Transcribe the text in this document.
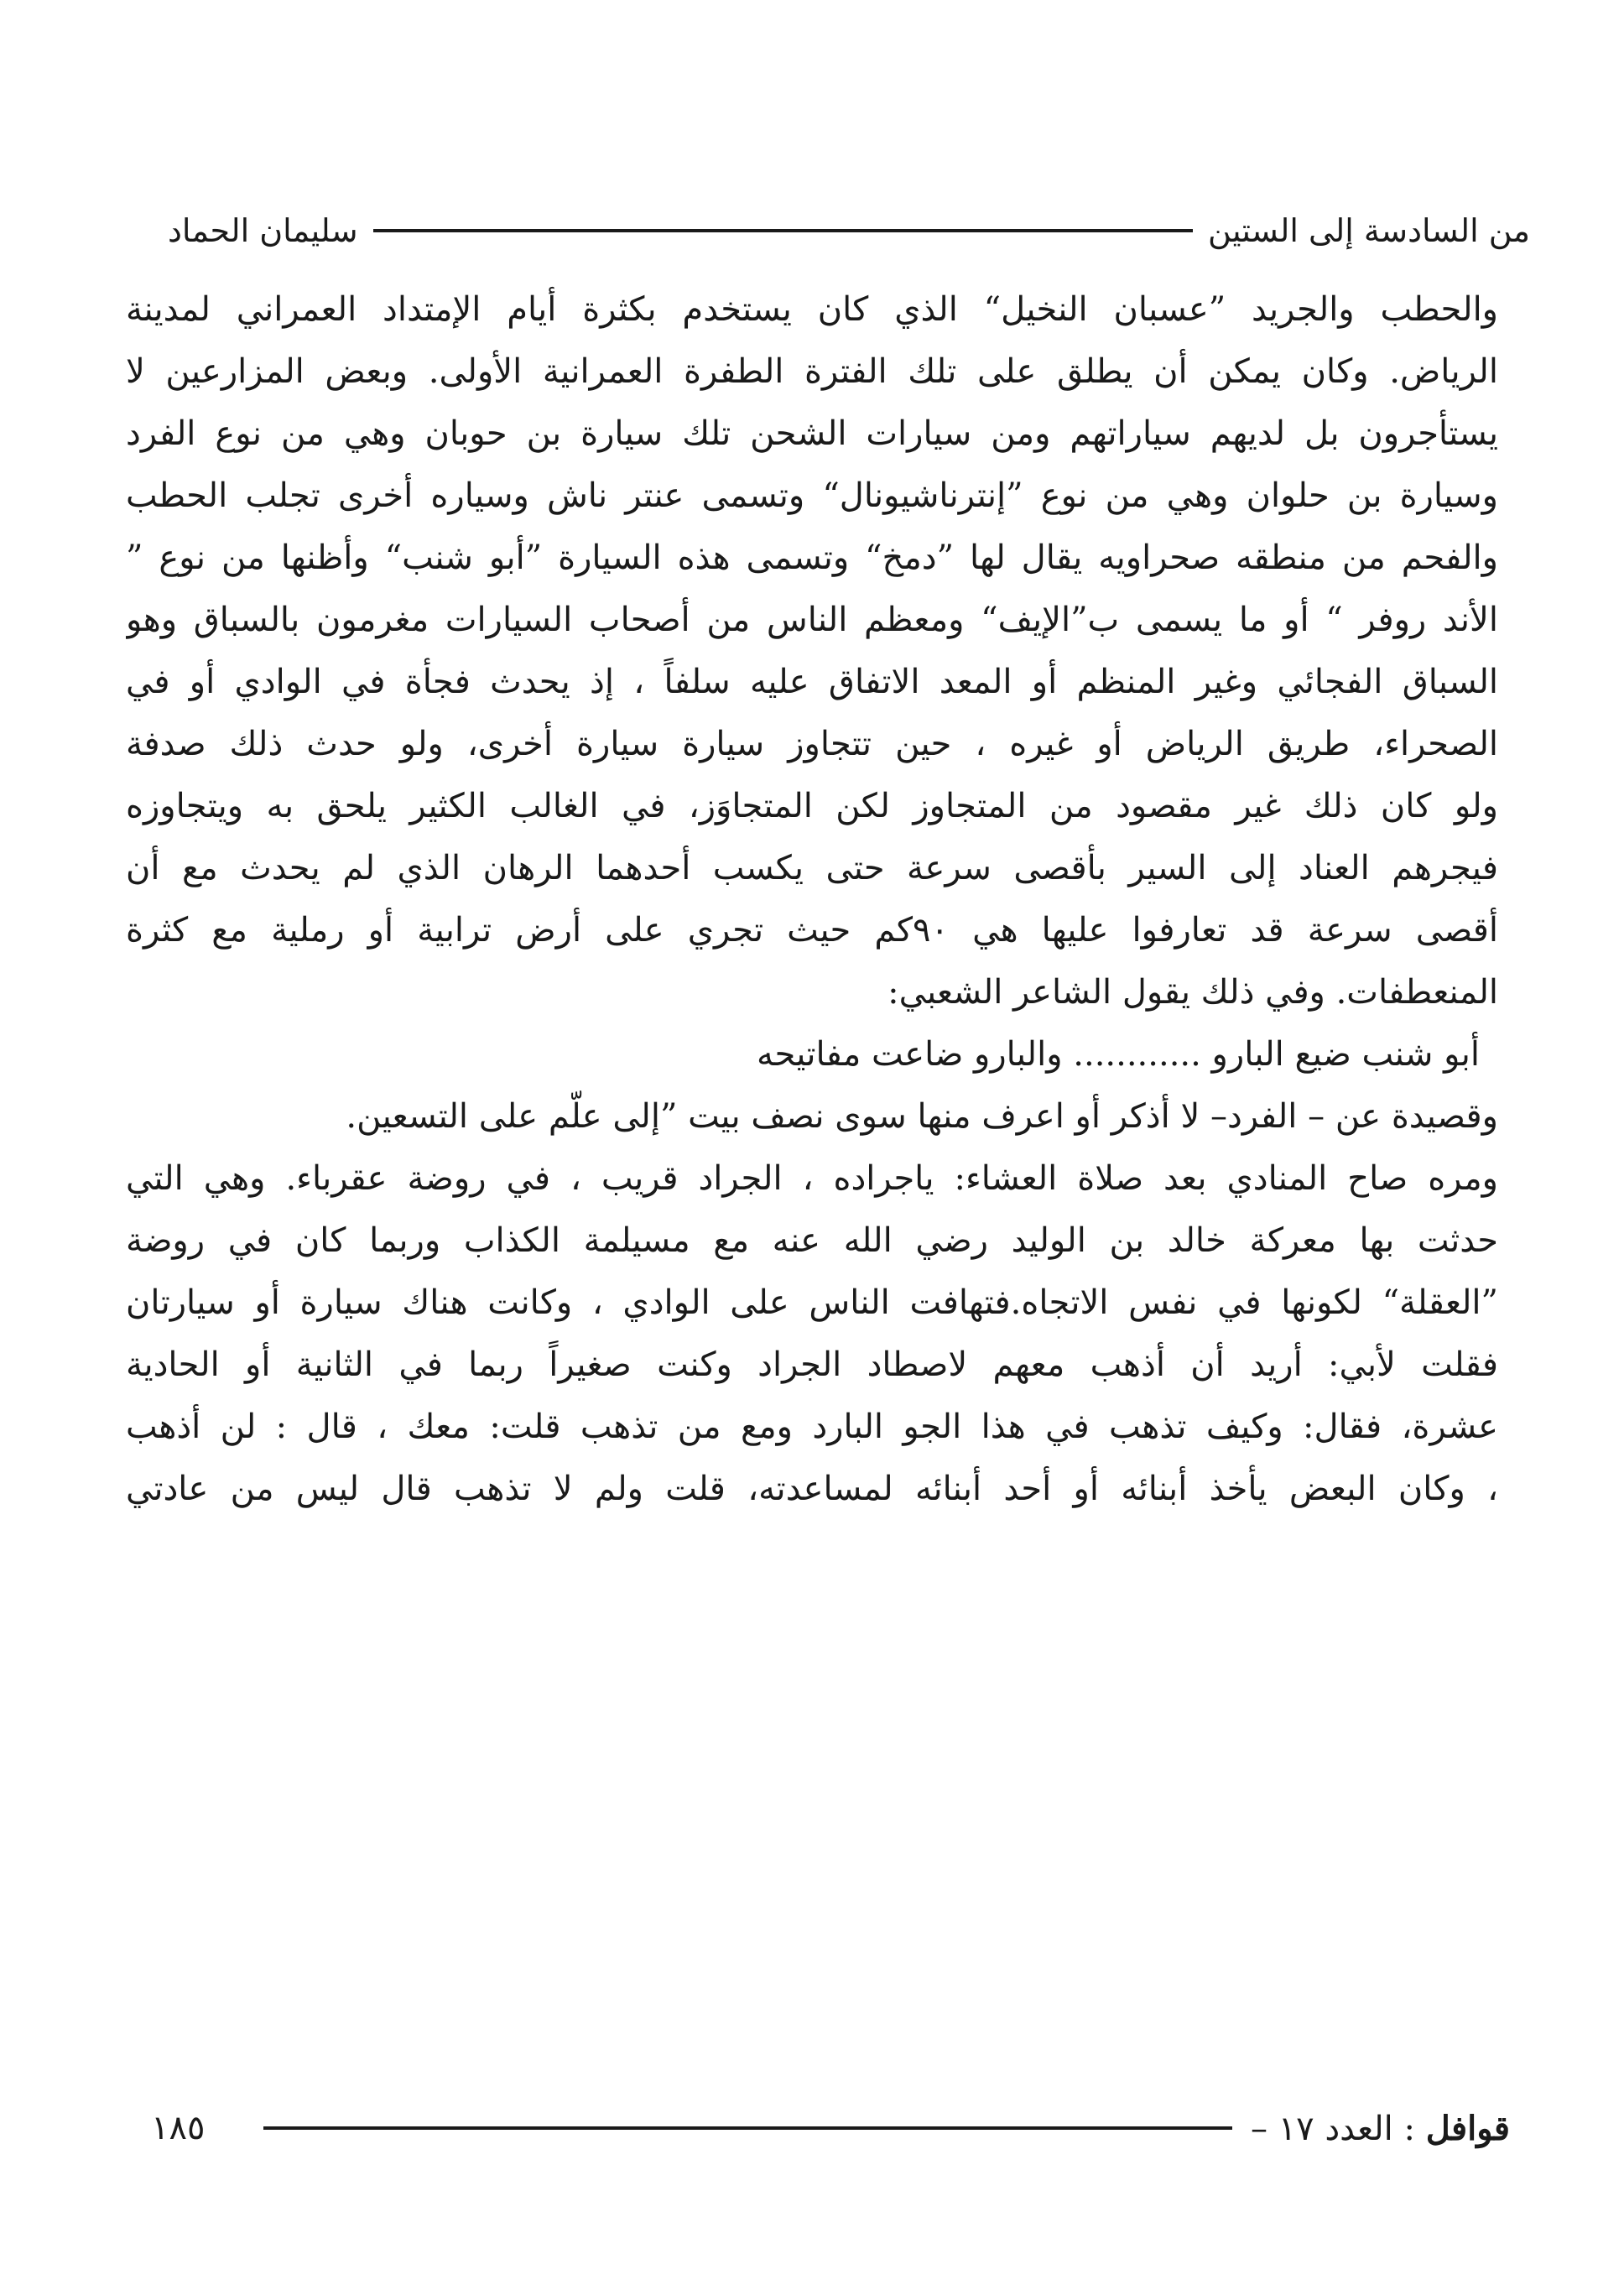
من السادسة إلى الستين
سليمان الحماد
والحطب والجريد ”عسبان النخيل“ الذي كان يستخدم بكثرة أيام الإمتداد العمراني لمدينة
الرياض. وكان يمكن أن يطلق على تلك الفترة الطفرة العمرانية الأولى. وبعض المزارعين لا
يستأجرون بل لديهم سياراتهم ومن سيارات الشحن تلك سيارة بن حوبان وهي من نوع الفرد
وسيارة بن حلوان وهي من نوع ”إنترناشيونال“ وتسمى عنتر ناش وسياره أخرى تجلب الحطب
والفحم من منطقه صحراويه يقال لها ”دمخ“ وتسمى هذه السيارة ”أبو شنب“ وأظنها من نوع ”
الأند روفر “ أو ما يسمى ب”الإيف“ ومعظم الناس من أصحاب السيارات مغرمون بالسباق وهو
السباق الفجائي وغير المنظم أو المعد الاتفاق عليه سلفاً ، إذ يحدث فجأة في الوادي أو في
الصحراء، طريق الرياض أو غيره ، حين تتجاوز سيارة سيارة أخرى، ولو حدث ذلك صدفة
ولو كان ذلك غير مقصود من المتجاوز لكن المتجاوَز، في الغالب الكثير يلحق به ويتجاوزه
فيجرهم العناد إلى السير بأقصى سرعة حتى يكسب أحدهما الرهان الذي لم يحدث مع أن
أقصى سرعة قد تعارفوا عليها هي ٩٠كم حيث تجري على أرض ترابية أو رملية مع كثرة
المنعطفات. وفي ذلك يقول الشاعر الشعبي:
أبو شنب ضيع البارو ............ والبارو ضاعت مفاتيحه
وقصيدة عن – الفرد– لا أذكر أو اعرف منها سوى نصف بيت ”إلى علّم على التسعين.
ومره صاح المنادي بعد صلاة العشاء: ياجراده ، الجراد قريب ، في روضة عقرباء. وهي التي
حدثت بها معركة خالد بن الوليد رضي الله عنه مع مسيلمة الكذاب وربما كان في روضة
”العقلة“ لكونها في نفس الاتجاه.فتهافت الناس على الوادي ، وكانت هناك سيارة أو سيارتان
فقلت لأبي: أريد أن أذهب معهم لاصطاد الجراد وكنت صغيراً ربما في الثانية أو الحادية
عشرة، فقال: وكيف تذهب في هذا الجو البارد ومع من تذهب قلت: معك ، قال : لن أذهب
، وكان البعض يأخذ أبنائه أو أحد أبنائه لمساعدته، قلت ولم لا تذهب قال ليس من عادتي
قوافل : العدد ١٧ –
١٨٥
